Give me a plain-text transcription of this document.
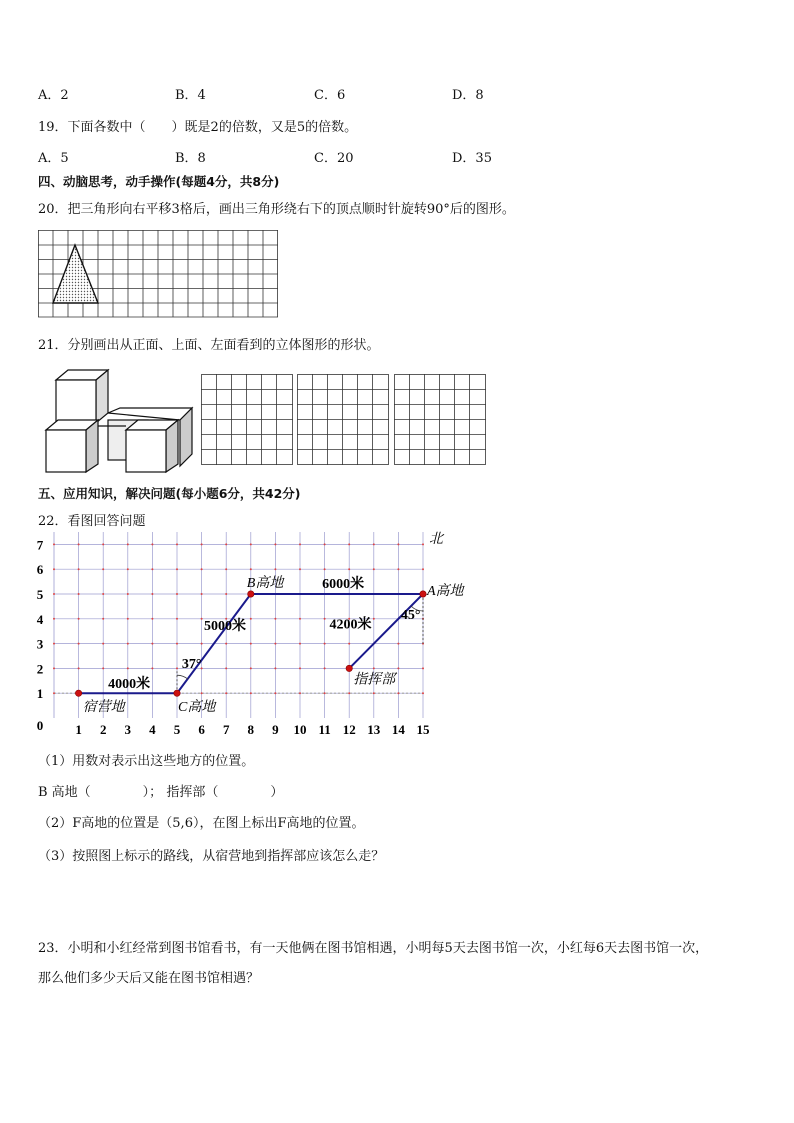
A．2	B．4	C．6	D．8
19．下面各数中（　　）既是2的倍数，又是5的倍数。
A．5	B．8	C．20	D．35
四、动脑思考，动手操作(每题4分，共8分)
20．把三角形向右平移3格后，画出三角形绕右下的顶点顺时针旋转90°后的图形。
21．分别画出从正面、上面、左面看到的立体图形的形状。
五、应用知识，解决问题(每小题6分，共42分)
22．看图回答问题
1 2 3 4 5 6 7 8 9 10 11 12 13 14 15
1
2
3
4
5
6
7
0
北
宿营地	C高地
B高地
A高地
指挥部
4000米
5000米
6000米
4200米
37°
45°
（1）用数对表示出这些地方的位置。
B 高地（　　　　）； 指挥部（　　　　）
（2）F高地的位置是（5,6），在图上标出F高地的位置。
（3）按照图上标示的路线，从宿营地到指挥部应该怎么走？
23．小明和小红经常到图书馆看书，有一天他俩在图书馆相遇，小明每5天去图书馆一次，小红每6天去图书馆一次，
那么他们多少天后又能在图书馆相遇？
